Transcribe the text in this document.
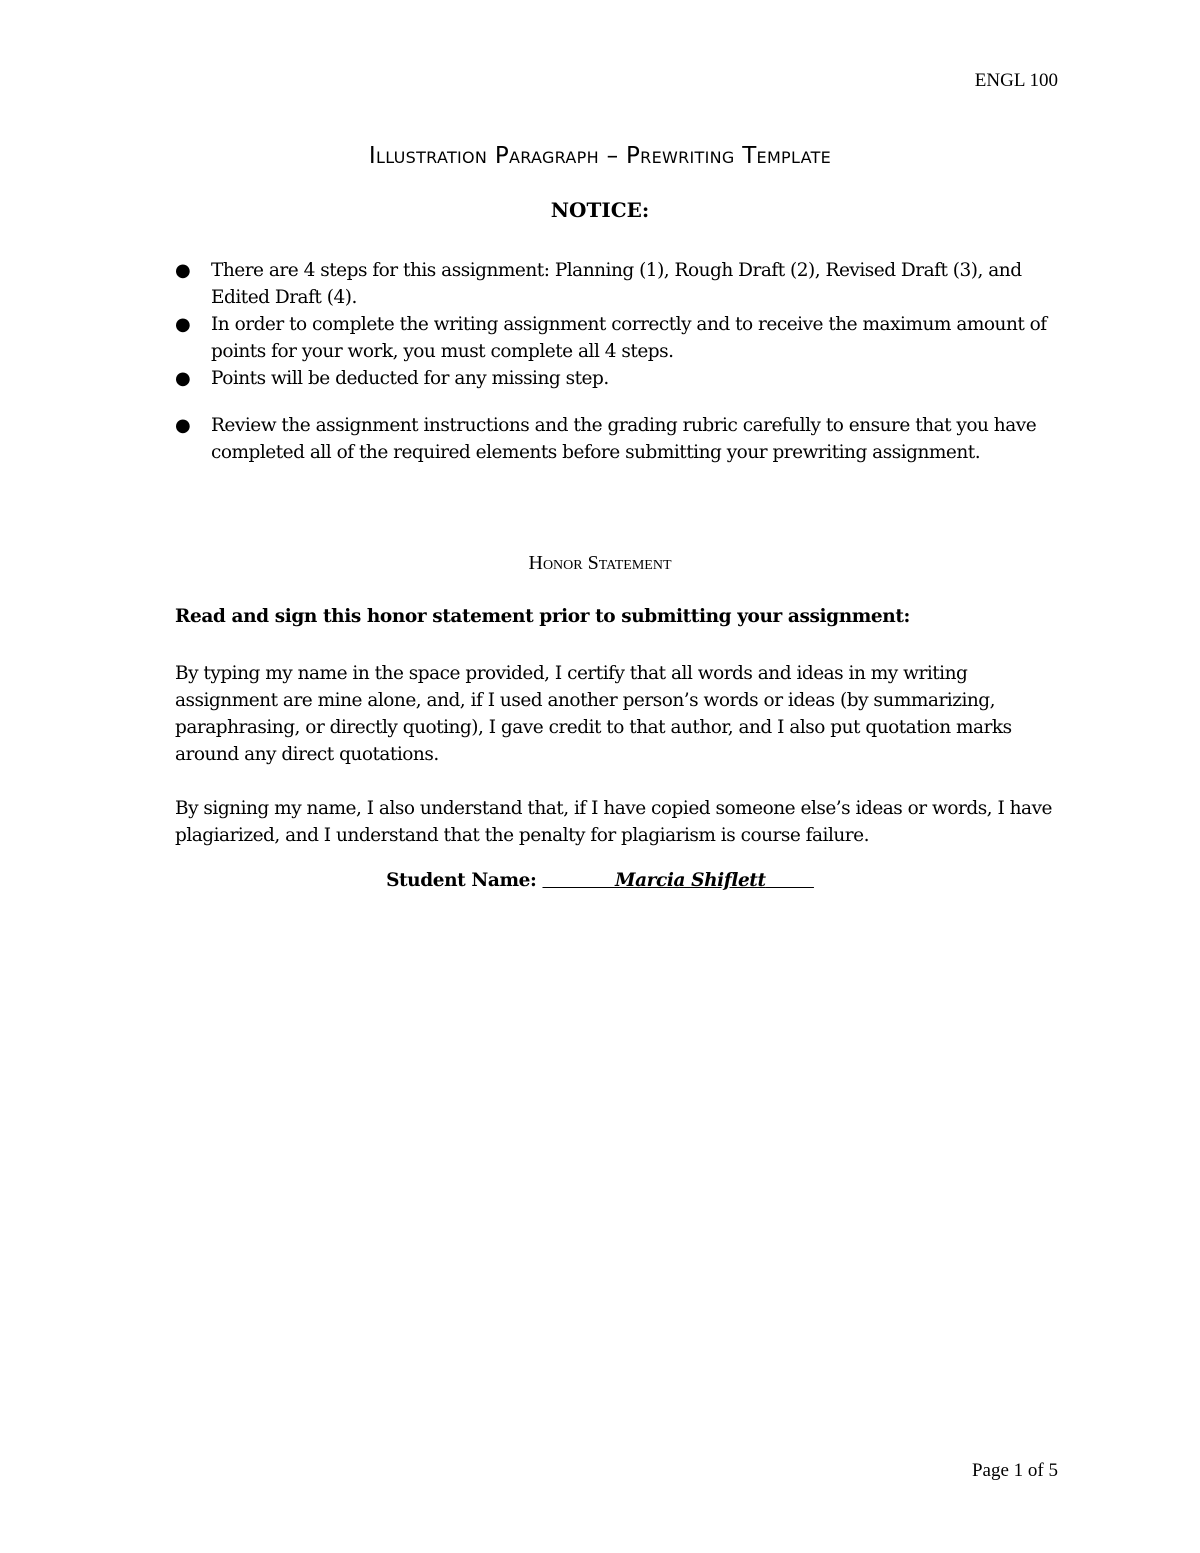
ENGL 100
Illustration Paragraph – Prewriting Template
NOTICE:
● There are 4 steps for this assignment: Planning (1), Rough Draft (2), Revised Draft (3), and Edited Draft (4).
● In order to complete the writing assignment correctly and to receive the maximum amount of points for your work, you must complete all 4 steps.
● Points will be deducted for any missing step.
● Review the assignment instructions and the grading rubric carefully to ensure that you have completed all of the required elements before submitting your prewriting assignment.
Honor Statement
Read and sign this honor statement prior to submitting your assignment:

By typing my name in the space provided, I certify that all words and ideas in my writing assignment are mine alone, and, if I used another person’s words or ideas (by summarizing, paraphrasing, or directly quoting), I gave credit to that author, and I also put quotation marks around any direct quotations.

By signing my name, I also understand that, if I have copied someone else’s ideas or words, I have plagiarized, and I understand that the penalty for plagiarism is course failure.

Student Name:	Marcia Shiflett
Page 1 of 5
